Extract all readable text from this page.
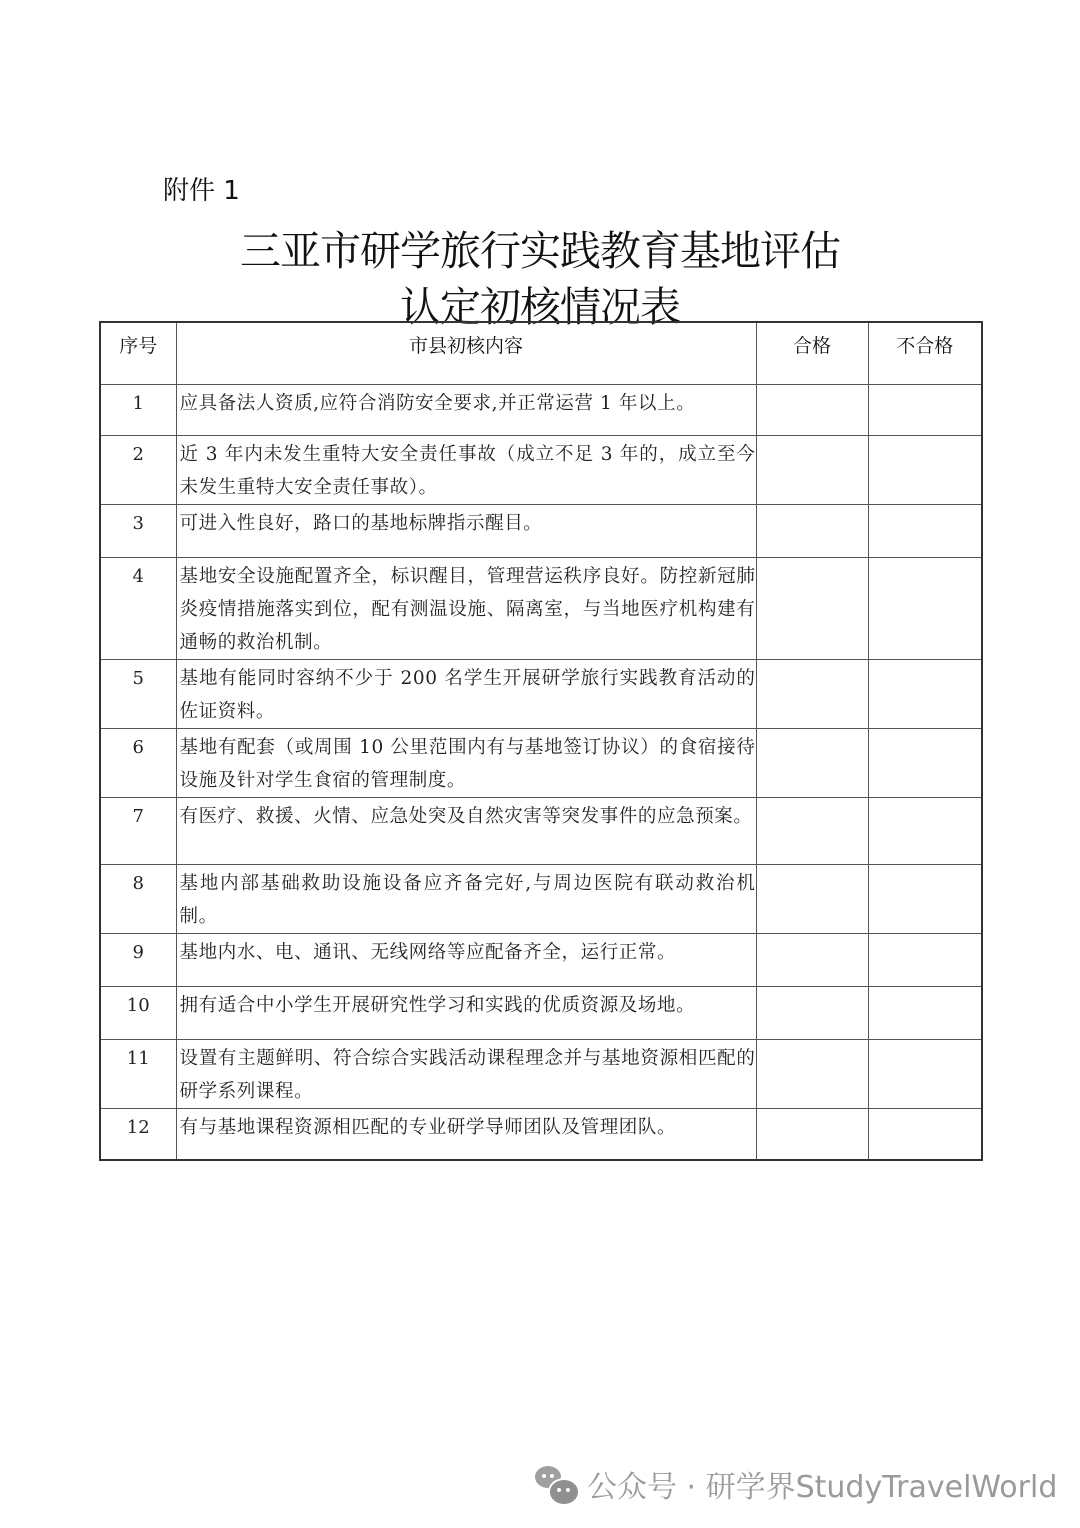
附件 1
三亚市研学旅行实践教育基地评估
认定初核情况表
序号	市县初核内容	合格	不合格
1	应具备法人资质,应符合消防安全要求,并正常运营 1 年以上。		
2	近 3 年内未发生重特大安全责任事故（成立不足 3 年的，成立至今未发生重特大安全责任事故）。		
3	可进入性良好，路口的基地标牌指示醒目。		
4	基地安全设施配置齐全，标识醒目，管理营运秩序良好。防控新冠肺炎疫情措施落实到位，配有测温设施、隔离室，与当地医疗机构建有通畅的救治机制。		
5	基地有能同时容纳不少于 200 名学生开展研学旅行实践教育活动的佐证资料。		
6	基地有配套（或周围 10 公里范围内有与基地签订协议）的食宿接待设施及针对学生食宿的管理制度。		
7	有医疗、救援、火情、应急处突及自然灾害等突发事件的应急预案。		
8	基地内部基础救助设施设备应齐备完好,与周边医院有联动救治机制。		
9	基地内水、电、通讯、无线网络等应配备齐全，运行正常。		
10	拥有适合中小学生开展研究性学习和实践的优质资源及场地。		
11	设置有主题鲜明、符合综合实践活动课程理念并与基地资源相匹配的研学系列课程。		
12	有与基地课程资源相匹配的专业研学导师团队及管理团队。		
公众号 · 研学界StudyTravelWorld
